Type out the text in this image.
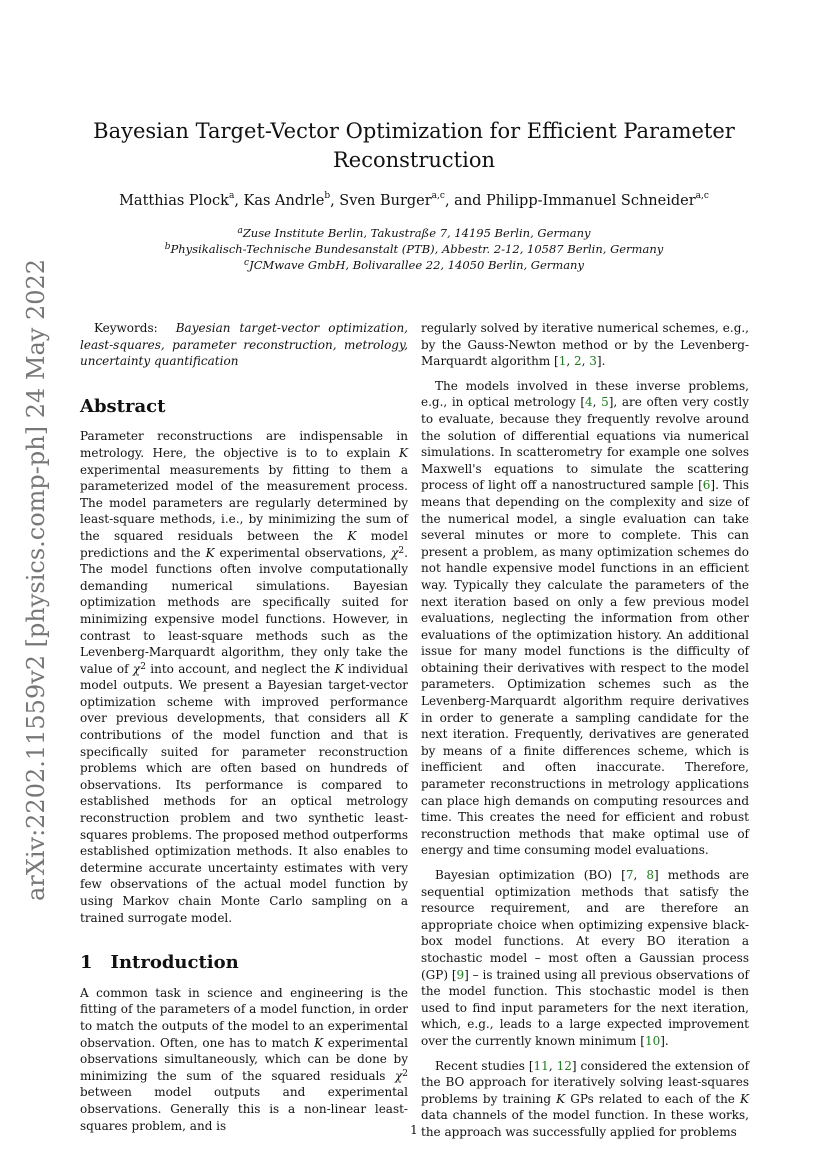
arXiv:2202.11559v2 [physics.comp-ph] 24 May 2022
Bayesian Target-Vector Optimization for Efficient Parameter
Reconstruction
Matthias Plock$^a$, Kas Andrle$^b$, Sven Burger$^{a,c}$, and Philipp-Immanuel Schneider$^{a,c}$
$^a$Zuse Institute Berlin, Takustraße 7, 14195 Berlin, Germany
$^b$Physikalisch-Technische Bundesanstalt (PTB), Abbestr. 2-12, 10587 Berlin, Germany
$^c$JCMwave GmbH, Bolivarallee 22, 14050 Berlin, Germany

Keywords: Bayesian target-vector optimization, least-squares, parameter reconstruction, metrology, uncertainty quantification

Abstract

Parameter reconstructions are indispensable in metrology. Here, the objective is to to explain K experimental measurements by fitting to them a parameterized model of the measurement process. The model parameters are regularly determined by least-square methods, i.e., by minimizing the sum of the squared residuals between the K model predictions and the K experimental observations, $\chi^2$. The model functions often involve computationally demanding numerical simulations. Bayesian optimization methods are specifically suited for minimizing expensive model functions. However, in contrast to least-square methods such as the Levenberg-Marquardt algorithm, they only take the value of $\chi^2$ into account, and neglect the K individual model outputs. We present a Bayesian target-vector optimization scheme with improved performance over previous developments, that considers all K contributions of the model function and that is specifically suited for parameter reconstruction problems which are often based on hundreds of observations. Its performance is compared to established methods for an optical metrology reconstruction problem and two synthetic least-squares problems. The proposed method outperforms established optimization methods. It also enables to determine accurate uncertainty estimates with very few observations of the actual model function by using Markov chain Monte Carlo sampling on a trained surrogate model.

1 Introduction

A common task in science and engineering is the fitting of the parameters of a model function, in order to match the outputs of the model to an experimental observation. Often, one has to match K experimental observations simultaneously, which can be done by minimizing the sum of the squared residuals $\chi^2$ between model outputs and experimental observations. Generally this is a non-linear least-squares problem, and is

regularly solved by iterative numerical schemes, e.g., by the Gauss-Newton method or by the Levenberg-Marquardt algorithm [1, 2, 3].

The models involved in these inverse problems, e.g., in optical metrology [4, 5], are often very costly to evaluate, because they frequently revolve around the solution of differential equations via numerical simulations. In scatterometry for example one solves Maxwell's equations to simulate the scattering process of light off a nanostructured sample [6]. This means that depending on the complexity and size of the numerical model, a single evaluation can take several minutes or more to complete. This can present a problem, as many optimization schemes do not handle expensive model functions in an efficient way. Typically they calculate the parameters of the next iteration based on only a few previous model evaluations, neglecting the information from other evaluations of the optimization history. An additional issue for many model functions is the difficulty of obtaining their derivatives with respect to the model parameters. Optimization schemes such as the Levenberg-Marquardt algorithm require derivatives in order to generate a sampling candidate for the next iteration. Frequently, derivatives are generated by means of a finite differences scheme, which is inefficient and often inaccurate. Therefore, parameter reconstructions in metrology applications can place high demands on computing resources and time. This creates the need for efficient and robust reconstruction methods that make optimal use of energy and time consuming model evaluations.

Bayesian optimization (BO) [7, 8] methods are sequential optimization methods that satisfy the resource requirement, and are therefore an appropriate choice when optimizing expensive black-box model functions. At every BO iteration a stochastic model – most often a Gaussian process (GP) [9] – is trained using all previous observations of the model function. This stochastic model is then used to find input parameters for the next iteration, which, e.g., leads to a large expected improvement over the currently known minimum [10].

Recent studies [11, 12] considered the extension of the BO approach for iteratively solving least-squares problems by training K GPs related to each of the K data channels of the model function. In these works, the approach was successfully applied for problems

1
